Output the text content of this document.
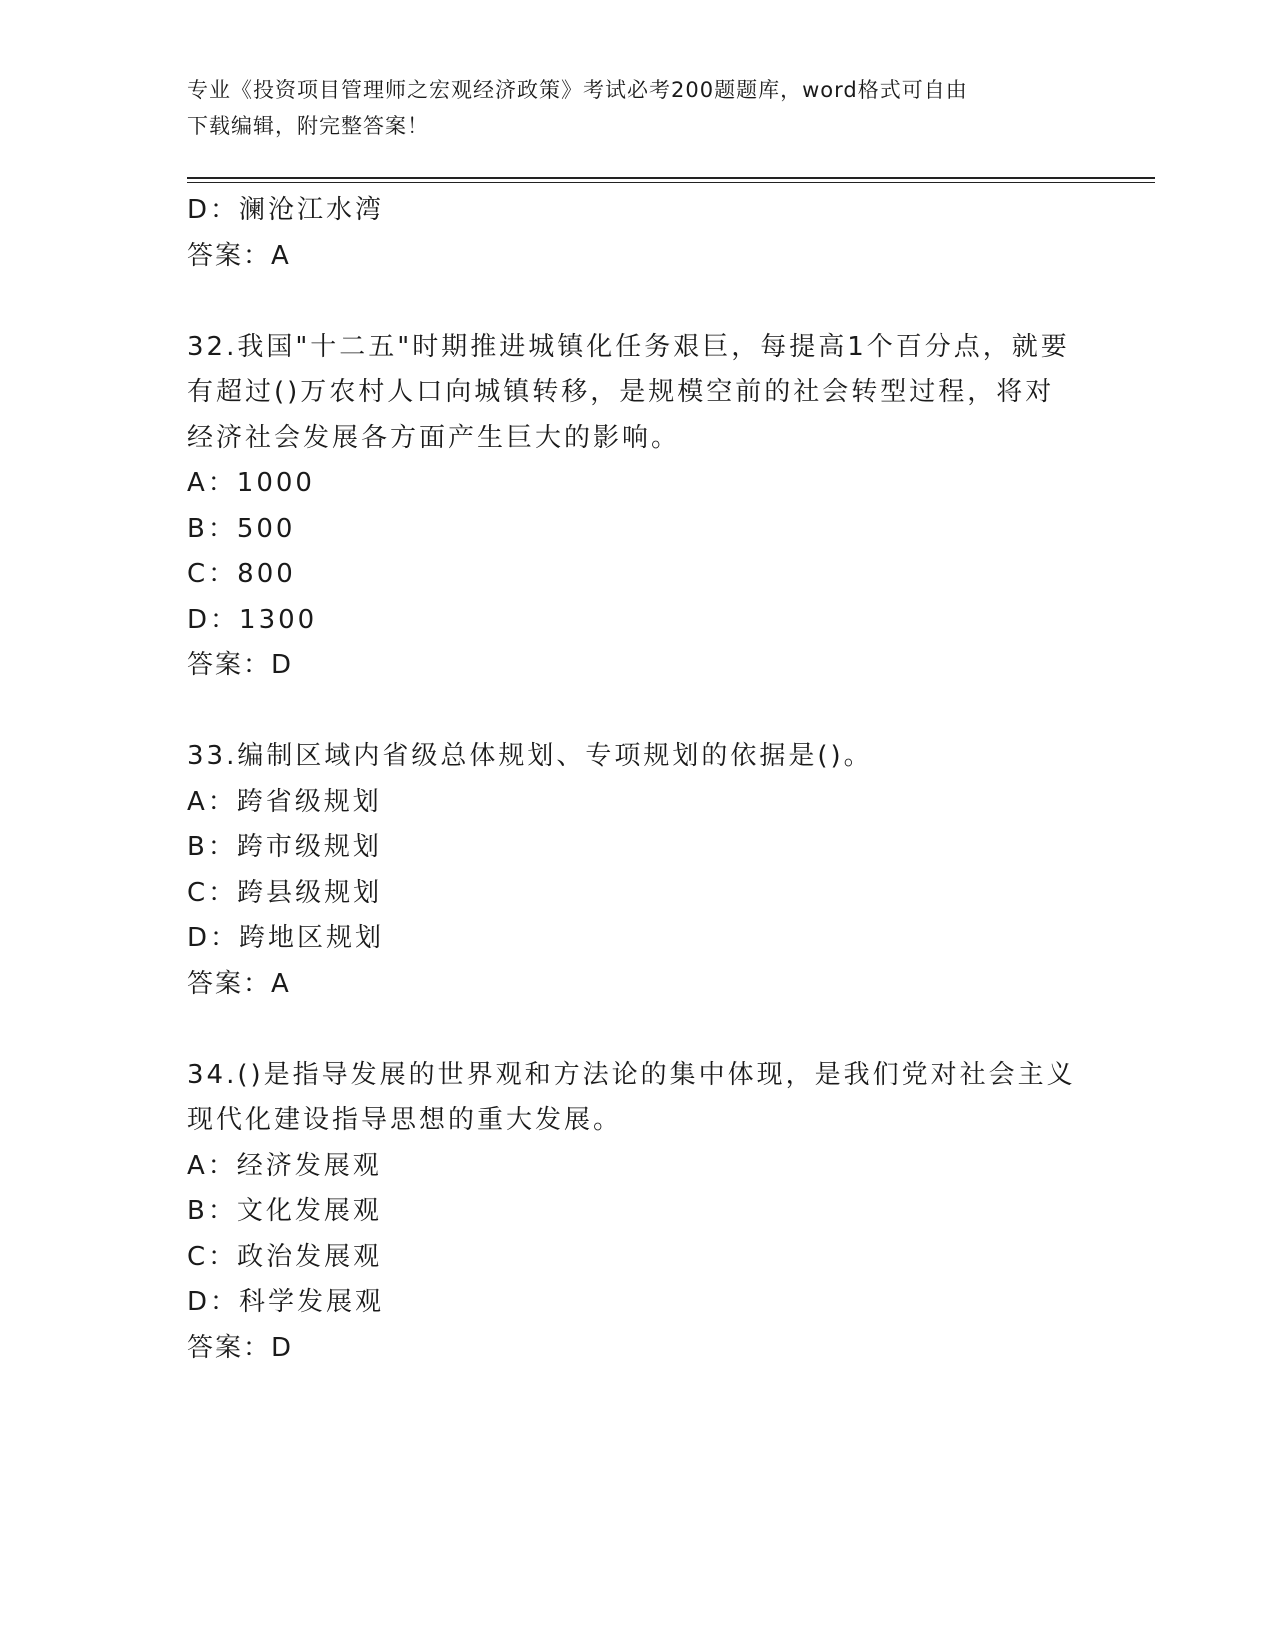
专业《投资项目管理师之宏观经济政策》考试必考200题题库，word格式可自由
下载编辑，附完整答案！
D：澜沧江水湾
答案：A
32.我国"十二五"时期推进城镇化任务艰巨，每提高1个百分点，就要
有超过()万农村人口向城镇转移，是规模空前的社会转型过程，将对
经济社会发展各方面产生巨大的影响。
A：1000
B：500
C：800
D：1300
答案：D
33.编制区域内省级总体规划、专项规划的依据是()。
A：跨省级规划
B：跨市级规划
C：跨县级规划
D：跨地区规划
答案：A
34.()是指导发展的世界观和方法论的集中体现，是我们党对社会主义
现代化建设指导思想的重大发展。
A：经济发展观
B：文化发展观
C：政治发展观
D：科学发展观
答案：D
